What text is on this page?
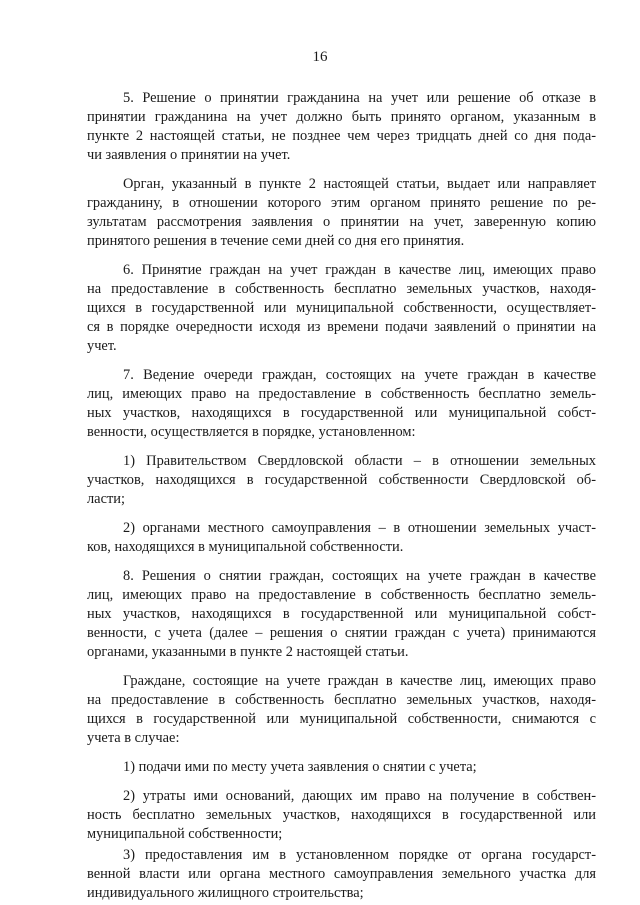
16
5. Решение о принятии гражданина на учет или решение об отказе в
принятии гражданина на учет должно быть принято органом, указанным в
пункте 2 настоящей статьи, не позднее чем через тридцать дней со дня пода-
чи заявления о принятии на учет.
Орган, указанный в пункте 2 настоящей статьи, выдает или направляет
гражданину, в отношении которого этим органом принято решение по ре-
зультатам рассмотрения заявления о принятии на учет, заверенную копию
принятого решения в течение семи дней со дня его принятия.
6. Принятие граждан на учет граждан в качестве лиц, имеющих право
на предоставление в собственность бесплатно земельных участков, находя-
щихся в государственной или муниципальной собственности, осуществляет-
ся в порядке очередности исходя из времени подачи заявлений о принятии на
учет.
7. Ведение очереди граждан, состоящих на учете граждан в качестве
лиц, имеющих право на предоставление в собственность бесплатно земель-
ных участков, находящихся в государственной или муниципальной собст-
венности, осуществляется в порядке, установленном:
1) Правительством Свердловской области – в отношении земельных
участков, находящихся в государственной собственности Свердловской об-
ласти;
2) органами местного самоуправления – в отношении земельных участ-
ков, находящихся в муниципальной собственности.
8. Решения о снятии граждан, состоящих на учете граждан в качестве
лиц, имеющих право на предоставление в собственность бесплатно земель-
ных участков, находящихся в государственной или муниципальной собст-
венности, с учета (далее – решения о снятии граждан с учета) принимаются
органами, указанными в пункте 2 настоящей статьи.
Граждане, состоящие на учете граждан в качестве лиц, имеющих право
на предоставление в собственность бесплатно земельных участков, находя-
щихся в государственной или муниципальной собственности, снимаются с
учета в случае:
1) подачи ими по месту учета заявления о снятии с учета;
2) утраты ими оснований, дающих им право на получение в собствен-
ность бесплатно земельных участков, находящихся в государственной или
муниципальной собственности;
3) предоставления им в установленном порядке от органа государст-
венной власти или органа местного самоуправления земельного участка для
индивидуального жилищного строительства;
